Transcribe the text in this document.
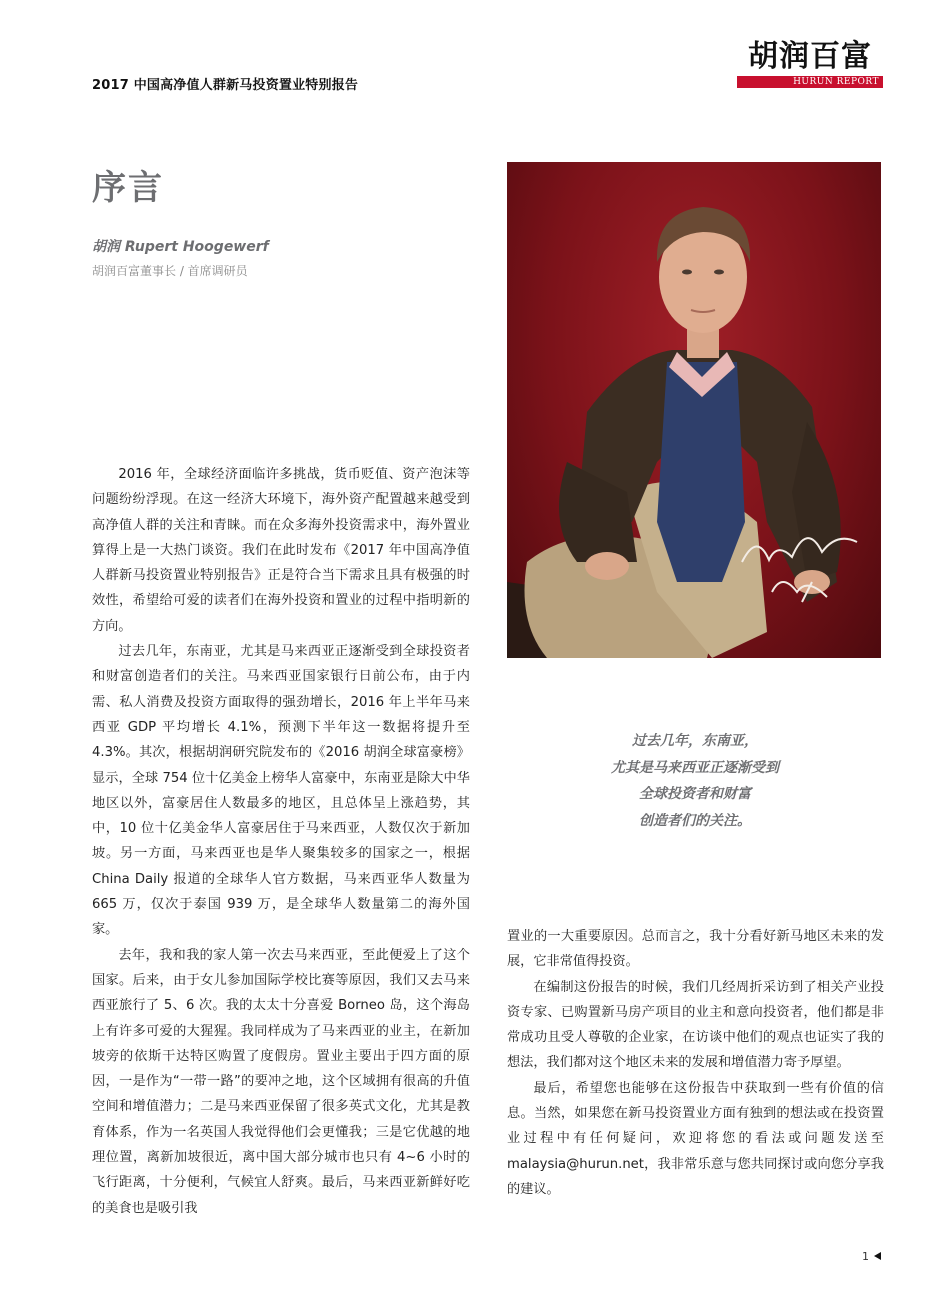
2017 中国高净值人群新马投资置业特别报告
胡润百富
HURUN REPORT
序言
胡润 Rupert Hoogewerf
胡润百富董事长 / 首席调研员
过去几年，东南亚，
尤其是马来西亚正逐渐受到
全球投资者和财富
创造者们的关注。

2016 年，全球经济面临许多挑战，货币贬值、资产泡沫等问题纷纷浮现。在这一经济大环境下，海外资产配置越来越受到高净值人群的关注和青睐。而在众多海外投资需求中，海外置业算得上是一大热门谈资。我们在此时发布《2017 年中国高净值人群新马投资置业特别报告》正是符合当下需求且具有极强的时效性，希望给可爱的读者们在海外投资和置业的过程中指明新的方向。

过去几年，东南亚，尤其是马来西亚正逐渐受到全球投资者和财富创造者们的关注。马来西亚国家银行日前公布，由于内需、私人消费及投资方面取得的强劲增长，2016 年上半年马来西亚 GDP 平均增长 4.1%，预测下半年这一数据将提升至 4.3%。其次，根据胡润研究院发布的《2016 胡润全球富豪榜》显示，全球 754 位十亿美金上榜华人富豪中，东南亚是除大中华地区以外，富豪居住人数最多的地区，且总体呈上涨趋势，其中，10 位十亿美金华人富豪居住于马来西亚，人数仅次于新加坡。另一方面，马来西亚也是华人聚集较多的国家之一，根据 China Daily 报道的全球华人官方数据，马来西亚华人数量为 665 万，仅次于泰国 939 万，是全球华人数量第二的海外国家。

去年，我和我的家人第一次去马来西亚，至此便爱上了这个国家。后来，由于女儿参加国际学校比赛等原因，我们又去马来西亚旅行了 5、6 次。我的太太十分喜爱 Borneo 岛，这个海岛上有许多可爱的大猩猩。我同样成为了马来西亚的业主，在新加坡旁的依斯干达特区购置了度假房。置业主要出于四方面的原因，一是作为“一带一路”的要冲之地，这个区域拥有很高的升值空间和增值潜力；二是马来西亚保留了很多英式文化，尤其是教育体系，作为一名英国人我觉得他们会更懂我；三是它优越的地理位置，离新加坡很近，离中国大部分城市也只有 4~6 小时的飞行距离，十分便利，气候宜人舒爽。最后，马来西亚新鲜好吃的美食也是吸引我

置业的一大重要原因。总而言之，我十分看好新马地区未来的发展，它非常值得投资。

在编制这份报告的时候，我们几经周折采访到了相关产业投资专家、已购置新马房产项目的业主和意向投资者，他们都是非常成功且受人尊敬的企业家，在访谈中他们的观点也证实了我的想法，我们都对这个地区未来的发展和增值潜力寄予厚望。

最后，希望您也能够在这份报告中获取到一些有价值的信息。当然，如果您在新马投资置业方面有独到的想法或在投资置业过程中有任何疑问，欢迎将您的看法或问题发送至 malaysia@hurun.net，我非常乐意与您共同探讨或向您分享我的建议。

1
